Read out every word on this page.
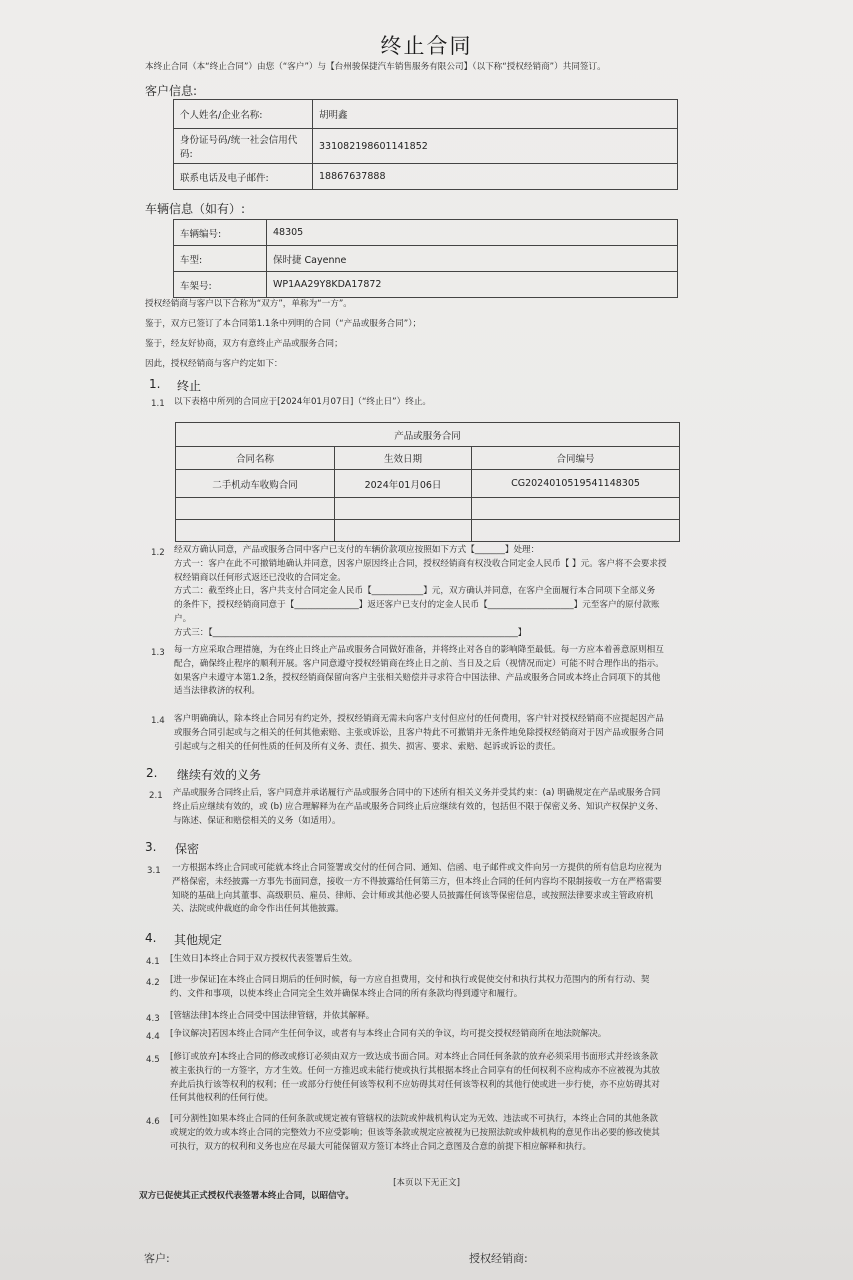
终止合同
本终止合同（本“终止合同”）由您（“客户”）与【台州骏保捷汽车销售服务有限公司】（以下称“授权经销商”）共同签订。
客户信息:
个人姓名/企业名称:	胡明鑫
身份证号码/统一社会信用代码:	331082198601141852
联系电话及电子邮件:	18867637888
车辆信息（如有）:
车辆编号:	48305
车型:	保时捷 Cayenne
车架号:	WP1AA29Y8KDA17872
授权经销商与客户以下合称为“双方”，单称为“一方”。
鉴于，双方已签订了本合同第1.1条中列明的合同（“产品或服务合同”）；
鉴于，经友好协商，双方有意终止产品或服务合同；
因此，授权经销商与客户约定如下：
1. 终止
1.1 以下表格中所列的合同应于[2024年01月07日]（“终止日”）终止。
产品或服务合同		
合同名称	生效日期	合同编号
二手机动车收购合同	2024年01月06日	CG2024010519541148305

1.2 经双方确认同意，产品或服务合同中客户已支付的车辆价款项应按照如下方式【_______】处理：
方式一：客户在此不可撤销地确认并同意，因客户原因终止合同，授权经销商有权没收合同定金人民币【 】元。客户将不会要求授
权经销商以任何形式返还已没收的合同定金。
方式二：截至终止日，客户共支付合同定金人民币【____________】元，双方确认并同意，在客户全面履行本合同项下全部义务
的条件下，授权经销商同意于【_______________】返还客户已支付的定金人民币【____________________】元至客户的原付款账
户。
方式三：【_______________________________________________________________________】
1.3 每一方应采取合理措施，为在终止日终止产品或服务合同做好准备，并将终止对各自的影响降至最低。每一方应本着善意原则相互
配合，确保终止程序的顺利开展。客户同意遵守授权经销商在终止日之前、当日及之后（视情况而定）可能不时合理作出的指示。
如果客户未遵守本第1.2条，授权经销商保留向客户主张相关赔偿并寻求符合中国法律、产品或服务合同或本终止合同项下的其他
适当法律救济的权利。
1.4 客户明确确认，除本终止合同另有约定外，授权经销商无需未向客户支付但应付的任何费用，客户针对授权经销商不应提起因产品
或服务合同引起或与之相关的任何其他索赔、主张或诉讼，且客户特此不可撤销并无条件地免除授权经销商对于因产品或服务合同
引起或与之相关的任何性质的任何及所有义务、责任、损失、损害、要求、索赔、起诉或诉讼的责任。
2. 继续有效的义务
2.1 产品或服务合同终止后，客户同意并承诺履行产品或服务合同中的下述所有相关义务并受其约束：(a) 明确规定在产品或服务合同
终止后应继续有效的，或 (b) 应合理解释为在产品或服务合同终止后应继续有效的，包括但不限于保密义务、知识产权保护义务、
与陈述、保证和赔偿相关的义务（如适用）。
3. 保密
3.1 一方根据本终止合同或可能就本终止合同签署或交付的任何合同、通知、信函、电子邮件或文件向另一方提供的所有信息均应视为
严格保密，未经披露一方事先书面同意，接收一方不得披露给任何第三方，但本终止合同的任何内容均不限制接收一方在严格需要
知晓的基础上向其董事、高级职员、雇员、律师、会计师或其他必要人员披露任何该等保密信息，或按照法律要求或主管政府机
关、法院或仲裁庭的命令作出任何其他披露。
4. 其他规定
4.1 [生效日]本终止合同于双方授权代表签署后生效。
4.2 [进一步保证]在本终止合同日期后的任何时候，每一方应自担费用，交付和执行或促使交付和执行其权力范围内的所有行动、契
约、文件和事项，以使本终止合同完全生效并确保本终止合同的所有条款均得到遵守和履行。
4.3 [管辖法律]本终止合同受中国法律管辖，并依其解释。
4.4 [争议解决]若因本终止合同产生任何争议，或者有与本终止合同有关的争议，均可提交授权经销商所在地法院解决。
4.5 [修订或放弃]本终止合同的修改或修订必须由双方一致达成书面合同。对本终止合同任何条款的放弃必须采用书面形式并经该条款
被主张执行的一方签字，方才生效。任何一方推迟或未能行使或执行其根据本终止合同享有的任何权利不应构成亦不应被视为其放
弃此后执行该等权利的权利；任一或部分行使任何该等权利不应妨碍其对任何该等权利的其他行使或进一步行使，亦不应妨碍其对
任何其他权利的任何行使。
4.6 [可分割性]如果本终止合同的任何条款或规定被有管辖权的法院或仲裁机构认定为无效、违法或不可执行，本终止合同的其他条款
或规定的效力或本终止合同的完整效力不应受影响；但该等条款或规定应被视为已按照法院或仲裁机构的意见作出必要的修改使其
可执行，双方的权利和义务也应在尽最大可能保留双方签订本终止合同之意图及合意的前提下相应解释和执行。
[本页以下无正文]
双方已促使其正式授权代表签署本终止合同，以昭信守。
客户:	授权经销商:
